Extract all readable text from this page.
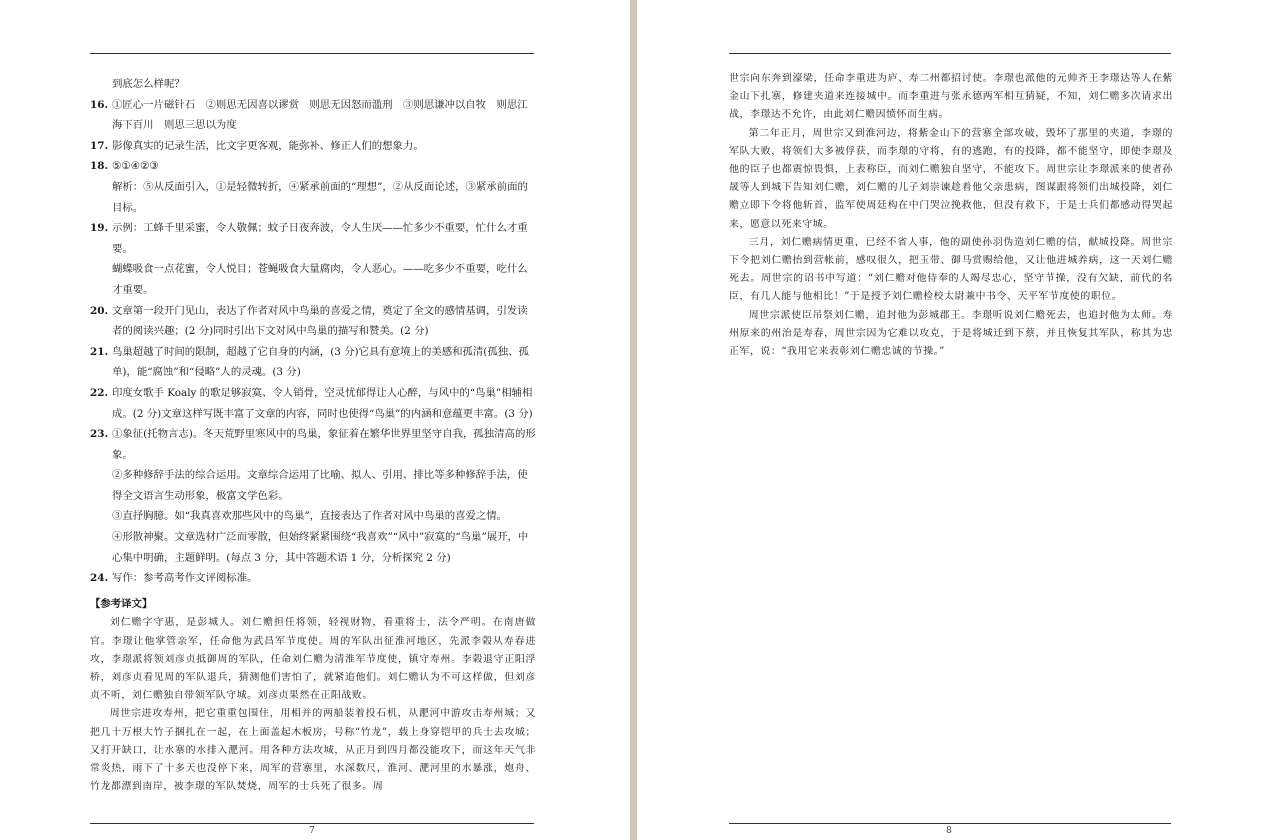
7	8
到底怎么样呢？
16. ①匠心一片磁针石　②则思无因喜以谬赏　则思无因怒而滥刑　③则思谦冲以自牧　则思江海下百川　则思三思以为度
17. 影像真实的记录生活，比文字更客观，能弥补、修正人们的想象力。
18. ⑤①④②③
解析：⑤从反面引入，①是轻微转折，④紧承前面的“理想”，②从反面论述，③紧承前面的目标。
19. 示例：工蜂千里采蜜，令人敬佩；蚊子日夜奔波，令人生厌——忙多少不重要，忙什么才重要。
蝴蝶吸食一点花蜜，令人悦目；苍蝇吸食大量腐肉，令人恶心。——吃多少不重要，吃什么才重要。
20. 文章第一段开门见山，表达了作者对风中鸟巢的喜爱之情，奠定了全文的感情基调，引发读者的阅读兴趣；(2 分)同时引出下文对风中鸟巢的描写和赞美。(2 分)
21. 鸟巢超越了时间的限制，超越了它自身的内涵，(3 分)它具有意境上的美感和孤清(孤独、孤单)，能“腐蚀”和“侵略”人的灵魂。(3 分)
22. 印度女歌手 Koaly 的歌足够寂寞、令人销骨，空灵忧郁得让人心醉，与风中的“鸟巢”相辅相成。(2 分)文章这样写既丰富了文章的内容，同时也使得“鸟巢”的内涵和意蕴更丰富。(3 分)
23. ①象征(托物言志)。冬天荒野里寒风中的鸟巢，象征着在繁华世界里坚守自我，孤独清高的形象。
②多种修辞手法的综合运用。文章综合运用了比喻、拟人、引用、排比等多种修辞手法，使得全文语言生动形象，极富文学色彩。
③直抒胸臆。如“我真喜欢那些风中的鸟巢”，直接表达了作者对风中鸟巢的喜爱之情。
④形散神聚。文章选材广泛而零散，但始终紧紧围绕“我喜欢”“风中”寂寞的“鸟巢”展开，中心集中明确，主题鲜明。(每点 3 分，其中答题术语 1 分，分析探究 2 分)
24. 写作：参考高考作文评阅标准。
【参考译文】

刘仁赡字守惠，是彭城人。刘仁赡担任将领，轻视财物，看重将士，法令严明。在南唐做官。李璟让他掌管亲军，任命他为武昌军节度使。周的军队出征淮河地区，先派李榖从寿春进攻，李璟派将领刘彦贞抵御周的军队，任命刘仁赡为清淮军节度使，镇守寿州。李榖退守正阳浮桥，刘彦贞看见周的军队退兵，猜测他们害怕了，就紧追他们。刘仁赡认为不可这样做，但刘彦贞不听，刘仁赡独自带领军队守城。刘彦贞果然在正阳战败。

周世宗进攻寿州，把它重重包围住，用相并的两船装着投石机，从淝河中游攻击寿州城；又把几十万根大竹子捆扎在一起，在上面盖起木板房，号称“竹龙”，载上身穿铠甲的兵士去攻城；又打开缺口，让水寨的水排入淝河。用各种方法攻城，从正月到四月都没能攻下，而这年天气非常炎热，雨下了十多天也没停下来，周军的营寨里，水深数尺，淮河、淝河里的水暴涨，炮舟、竹龙都漂到南岸，被李璟的军队焚烧，周军的士兵死了很多。周

世宗向东奔到濠梁，任命李重进为庐、寿二州都招讨使。李璟也派他的元帅齐王李璟达等人在紫金山下扎寨，修建夹道来连接城中。而李重进与张永德两军相互猜疑，不知，刘仁赡多次请求出战，李璟达不允许，由此刘仁赡因愤怀而生病。

第二年正月，周世宗又到淮河边，将紫金山下的营寨全部攻破，毁坏了那里的夹道，李璟的军队大败，将领们大多被俘获，而李璟的守将，有的逃跑，有的投降，都不能坚守，即使李璟及他的臣子也都震惊畏惧，上表称臣，而刘仁赡独自坚守，不能攻下。周世宗让李璟派来的使者孙晟等人到城下告知刘仁赡，刘仁赡的儿子刘崇谏趁着他父亲患病，图谋跟将领们出城投降，刘仁赡立即下令将他斩首，监军使周廷构在中门哭泣挽救他，但没有救下，于是士兵们都感动得哭起来，愿意以死来守城。

三月，刘仁赡病情更重，已经不省人事，他的副使孙羽伪造刘仁赡的信，献城投降。周世宗下令把刘仁赡抬到营帐前，感叹很久，把玉带、御马赏赐给他，又让他进城养病，这一天刘仁赡死去。周世宗的诏书中写道：“刘仁赡对他侍奉的人竭尽忠心，坚守节操，没有欠缺，前代的名臣，有几人能与他相比！”于是授予刘仁赡检校太尉兼中书令、天平军节度使的职位。

周世宗派使臣吊祭刘仁赡，追封他为彭城郡王。李璟听说刘仁赡死去，也追封他为太师。寿州原来的州治是寿春，周世宗因为它难以攻克，于是将城迁到下蔡，并且恢复其军队，称其为忠正军，说：“我用它来表彰刘仁赡忠诚的节操。”
